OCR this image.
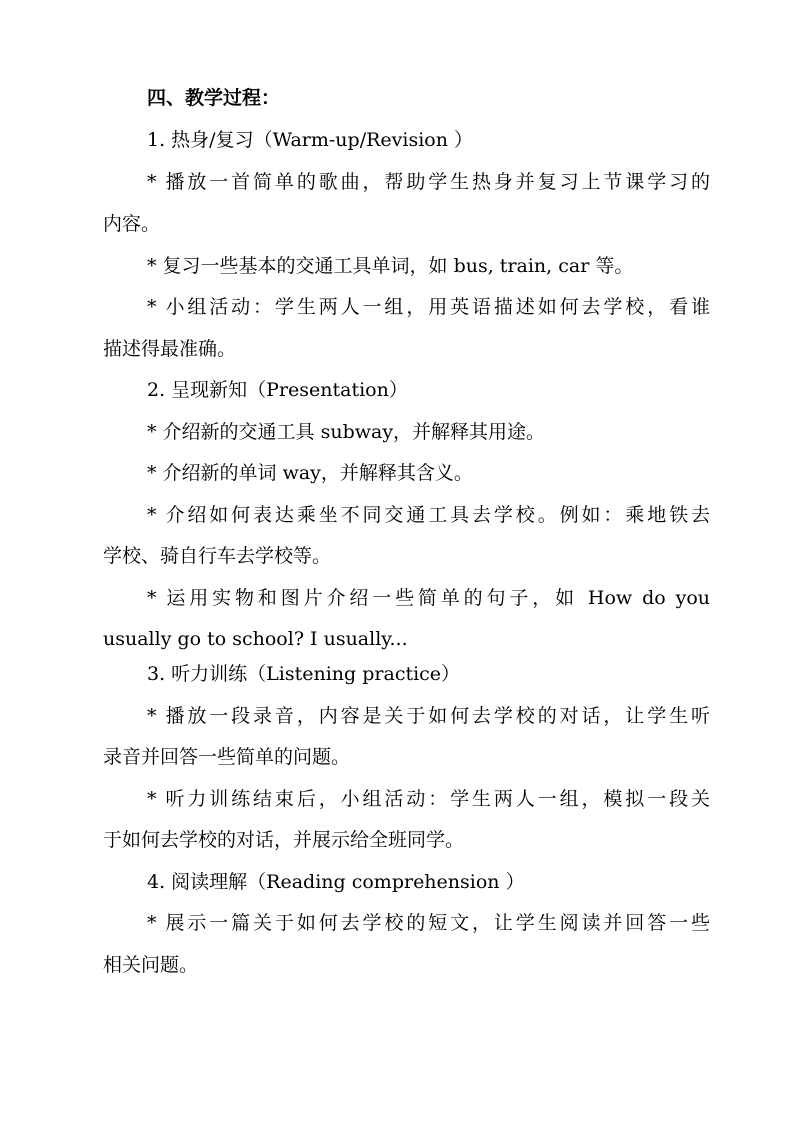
四、教学过程：
1. 热身/复习（Warm-up/Revision ）
* 播放一首简单的歌曲，帮助学生热身并复习上节课学习的
内容。
* 复习一些基本的交通工具单词，如 bus, train, car 等。
* 小组活动：学生两人一组，用英语描述如何去学校，看谁
描述得最准确。
2. 呈现新知（Presentation）
* 介绍新的交通工具 subway，并解释其用途。
* 介绍新的单词 way，并解释其含义。
* 介绍如何表达乘坐不同交通工具去学校。例如：乘地铁去
学校、骑自行车去学校等。
* 运用实物和图片介绍一些简单的句子，如 How do you
usually go to school? I usually...
3. 听力训练（Listening practice）
* 播放一段录音，内容是关于如何去学校的对话，让学生听
录音并回答一些简单的问题。
* 听力训练结束后，小组活动：学生两人一组，模拟一段关
于如何去学校的对话，并展示给全班同学。
4. 阅读理解（Reading comprehension ）
* 展示一篇关于如何去学校的短文，让学生阅读并回答一些
相关问题。
